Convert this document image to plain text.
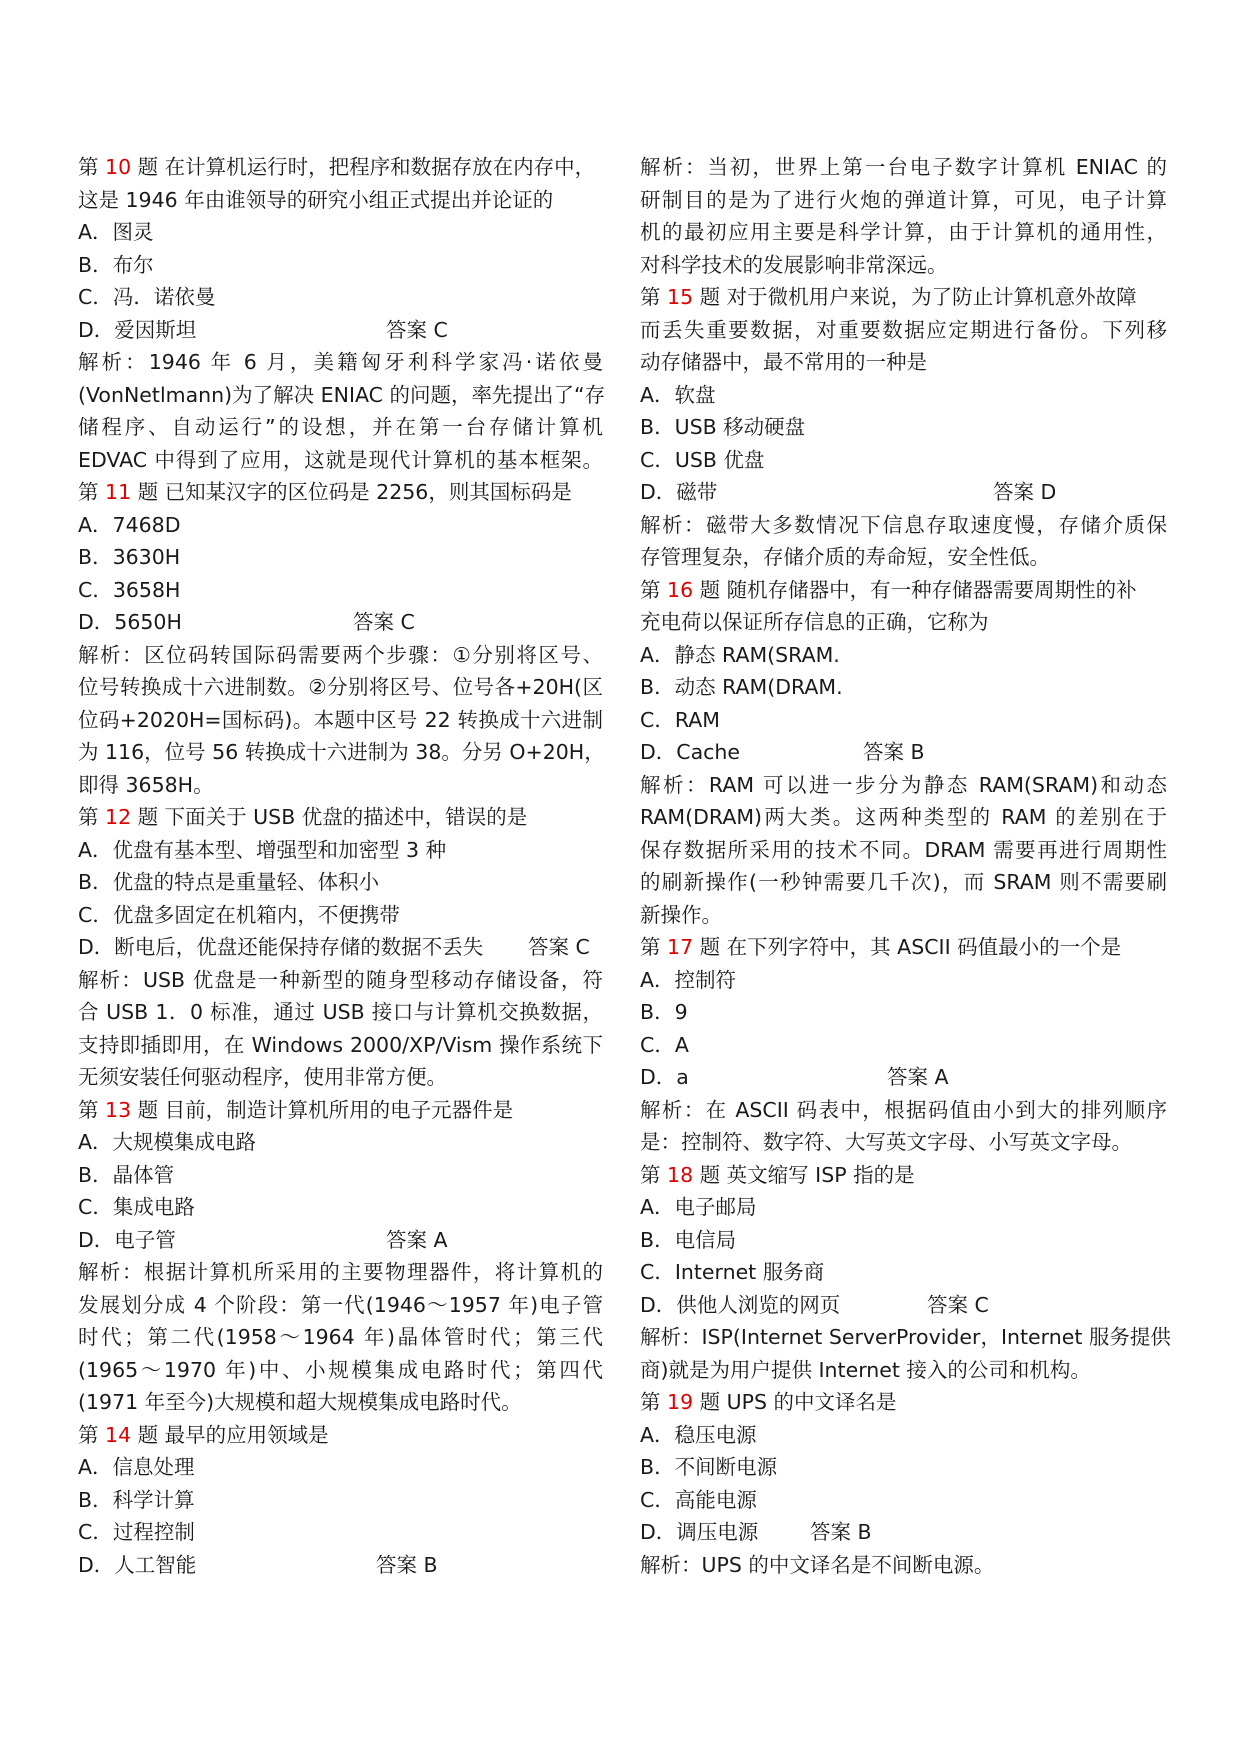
第 10 题 在计算机运行时，把程序和数据存放在内存中，
这是 1946 年由谁领导的研究小组正式提出并论证的
A．图灵
B．布尔
C．冯．诺依曼
D．爱因斯坦	答案 C
解析：1946 年 6 月，美籍匈牙利科学家冯·诺依曼
(VonNetlmann)为了解决 ENIAC 的问题，率先提出了“存
储程序、自动运行”的设想，并在第一台存储计算机
EDVAC 中得到了应用，这就是现代计算机的基本框架。
第 11 题 已知某汉字的区位码是 2256，则其国标码是
A．7468D
B．3630H
C．3658H
D．5650H	答案 C
解析：区位码转国际码需要两个步骤：①分别将区号、
位号转换成十六进制数。②分别将区号、位号各+20H(区
位码+2020H=国标码)。本题中区号 22 转换成十六进制
为 116，位号 56 转换成十六进制为 38。分另 O+20H，
即得 3658H。
第 12 题 下面关于 USB 优盘的描述中，错误的是
A．优盘有基本型、增强型和加密型 3 种
B．优盘的特点是重量轻、体积小
C．优盘多固定在机箱内，不便携带
D．断电后，优盘还能保持存储的数据不丢失 答案 C
解析：USB 优盘是一种新型的随身型移动存储设备，符
合 USB 1．0 标准，通过 USB 接口与计算机交换数据，
支持即插即用，在 Windows 2000/XP/Vism 操作系统下
无须安装任何驱动程序，使用非常方便。
第 13 题 目前，制造计算机所用的电子元器件是
A．大规模集成电路
B．晶体管
C．集成电路
D．电子管	答案 A
解析：根据计算机所采用的主要物理器件，将计算机的
发展划分成 4 个阶段：第一代(1946～1957 年)电子管
时代；第二代(1958～1964 年)晶体管时代；第三代
(1965～1970 年)中、小规模集成电路时代；第四代
(1971 年至今)大规模和超大规模集成电路时代。
第 14 题 最早的应用领域是
A．信息处理
B．科学计算
C．过程控制
D．人工智能	答案 B
解析：当初，世界上第一台电子数字计算机 ENIAC 的
研制目的是为了进行火炮的弹道计算，可见，电子计算
机的最初应用主要是科学计算，由于计算机的通用性，
对科学技术的发展影响非常深远。
第 15 题 对于微机用户来说，为了防止计算机意外故障
而丢失重要数据，对重要数据应定期进行备份。下列移
动存储器中，最不常用的一种是
A．软盘
B．USB 移动硬盘
C．USB 优盘
D．磁带	答案 D
解析：磁带大多数情况下信息存取速度慢，存储介质保
存管理复杂，存储介质的寿命短，安全性低。
第 16 题 随机存储器中，有一种存储器需要周期性的补
充电荷以保证所存信息的正确，它称为
A．静态 RAM(SRAM.
B．动态 RAM(DRAM.
C．RAM
D．Cache	答案 B
解析：RAM 可以进一步分为静态 RAM(SRAM)和动态
RAM(DRAM)两大类。这两种类型的 RAM 的差别在于
保存数据所采用的技术不同。DRAM 需要再进行周期性
的刷新操作(一秒钟需要几千次)，而 SRAM 则不需要刷
新操作。
第 17 题 在下列字符中，其 ASCII 码值最小的一个是
A．控制符
B．9
C．A
D．a	答案 A
解析：在 ASCII 码表中，根据码值由小到大的排列顺序
是：控制符、数字符、大写英文字母、小写英文字母。
第 18 题 英文缩写 ISP 指的是
A．电子邮局
B．电信局
C．Internet 服务商
D．供他人浏览的网页	答案 C
解析：ISP(Internet ServerProvider，Internet 服务提供
商)就是为用户提供 Internet 接入的公司和机构。
第 19 题 UPS 的中文译名是
A．稳压电源
B．不间断电源
C．高能电源
D．调压电源	答案 B
解析：UPS 的中文译名是不间断电源。
